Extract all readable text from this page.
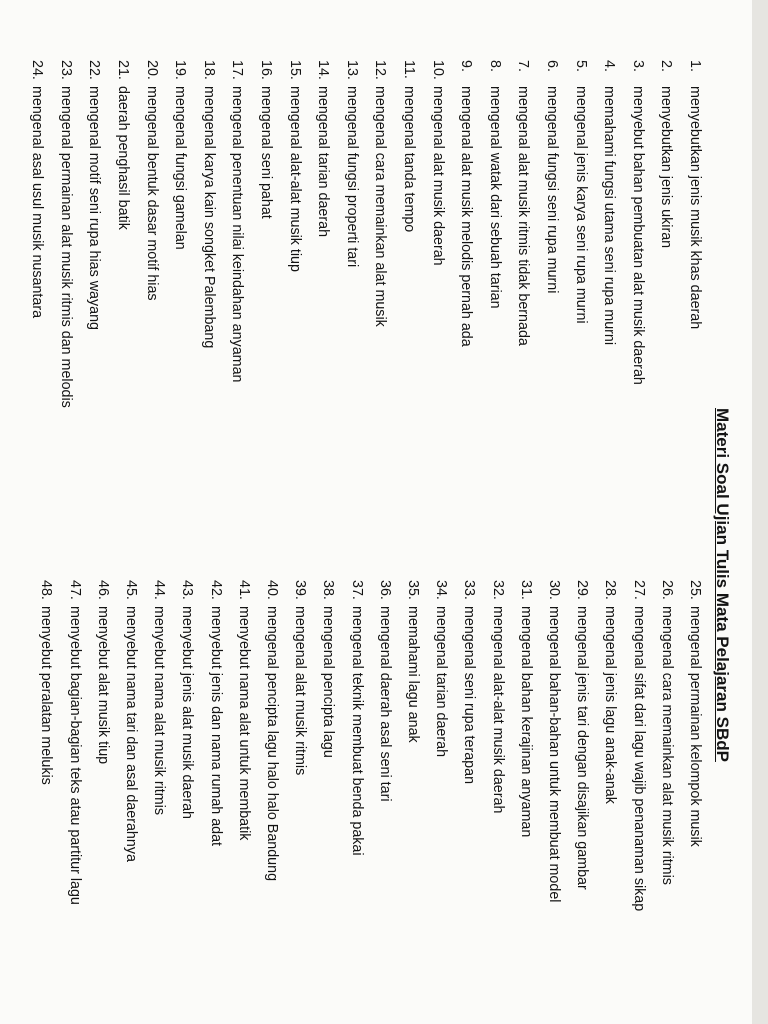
Materi Soal Ujian Tulis Mata Pelajaran SBdP
1.menyebutkan jenis musik khas daerah
2.menyebutkan jenis ukiran
3.menyebut bahan pembuatan alat musik daerah
4.memahami fungsi utama seni rupa murni
5.mengenal jenis karya seni rupa murni
6.mengenal fungsi seni rupa murni
7.mengenal alat musik ritmis tidak bernada
8.mengenal watak dari sebuah tarian
9.mengenal alat musik melodis pernah ada
10.mengenal alat musik daerah
11.mengenal tanda tempo
12.mengenal cara memainkan alat musik
13.mengenal fungsi properti tari
14.mengenal tarian daerah
15.mengenal alat-alat musik tiup
16.mengenal seni pahat
17.mengenal penentuan nilai keindahan anyaman
18.mengenal karya kain songket Palembang
19.mengenal fungsi gamelan
20.mengenal bentuk dasar motif hias
21.daerah penghasil batik
22.mengenal motif seni rupa hias wayang
23.mengenal permainan alat musik ritmis dan melodis
24.mengenal asal usul musik nusantara
25.mengenal permainan kelompok musik
26.mengenal cara memainkan alat musik ritmis
27.mengenal sifat dari lagu wajib penanaman sikap
28.mengenal jenis lagu anak-anak
29.mengenal jenis tari dengan disajikan gambar
30.mengenal bahan-bahan untuk membuat model
31.mengenal bahan kerajinan anyaman
32.mengenal alat-alat musik daerah
33.mengenal seni rupa terapan
34.mengenal tarian daerah
35.memahami lagu anak
36.mengenal daerah asal seni tari
37.mengenal teknik membuat benda pakai
38.mengenal pencipta lagu
39.mengenal alat musik ritmis
40.mengenal pencipta lagu halo halo Bandung
41.menyebut nama alat untuk membatik
42.menyebut jenis dan nama rumah adat
43.menyebut jenis alat musik daerah
44.menyebut nama alat musik ritmis
45.menyebut nama tari dan asal daerahnya
46.menyebut alat musik tiup
47.menyebut bagian-bagian teks atau partitur lagu
48.menyebut peralatan melukis
